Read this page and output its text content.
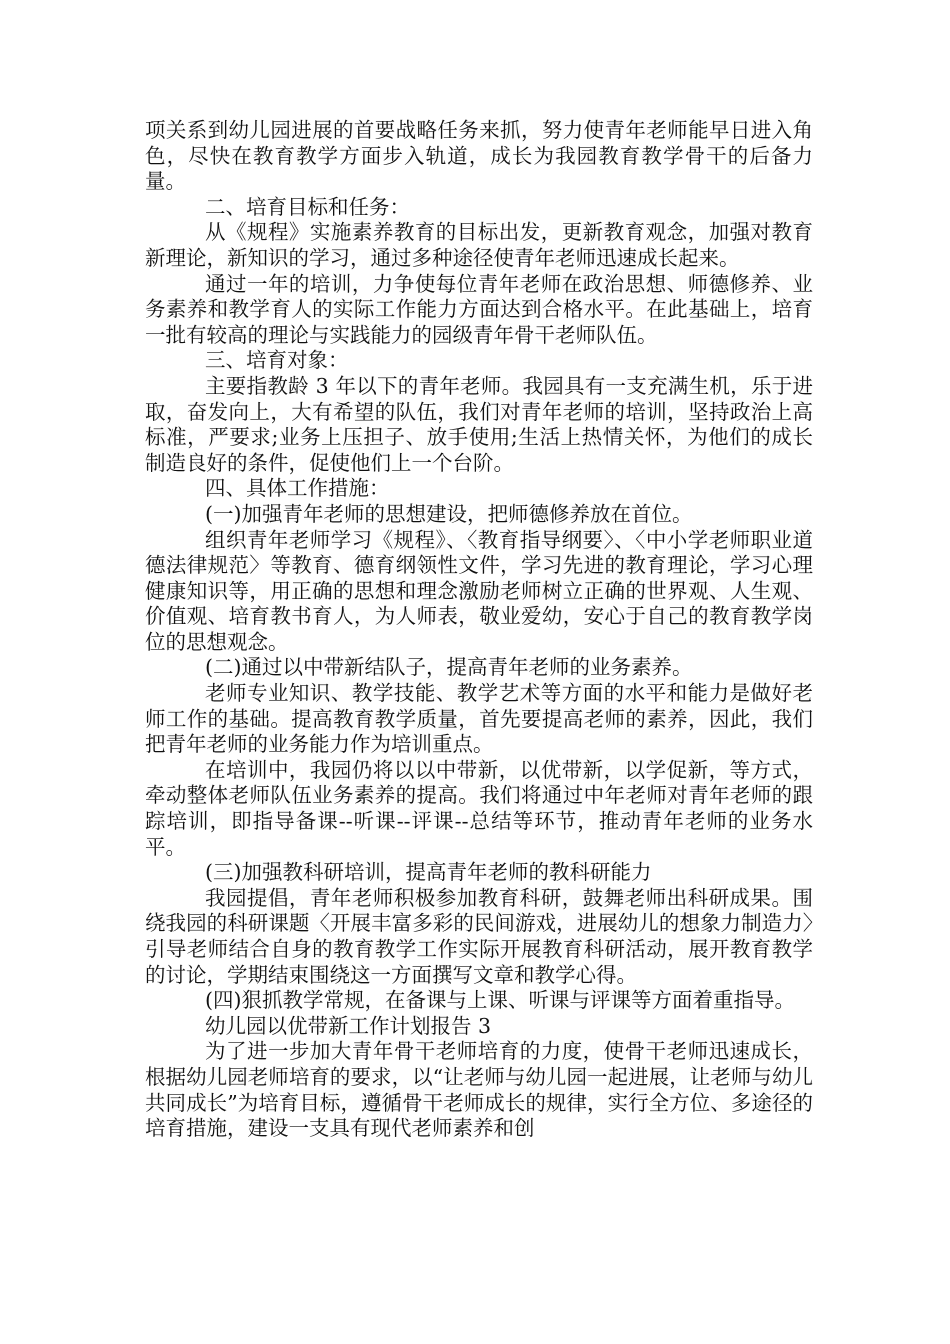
项关系到幼儿园进展的首要战略任务来抓，努力使青年老师能早日进入角色，尽快在教育教学方面步入轨道，成长为我园教育教学骨干的后备力量。

二、培育目标和任务：

从《规程》实施素养教育的目标出发，更新教育观念，加强对教育新理论，新知识的学习，通过多种途径使青年老师迅速成长起来。

通过一年的培训，力争使每位青年老师在政治思想、师德修养、业务素养和教学育人的实际工作能力方面达到合格水平。在此基础上，培育一批有较高的理论与实践能力的园级青年骨干老师队伍。

三、培育对象：

主要指教龄 3 年以下的青年老师。我园具有一支充满生机，乐于进取，奋发向上，大有希望的队伍，我们对青年老师的培训，坚持政治上高标准，严要求;业务上压担子、放手使用;生活上热情关怀，为他们的成长制造良好的条件，促使他们上一个台阶。

四、具体工作措施：

(一)加强青年老师的思想建设，把师德修养放在首位。

组织青年老师学习《规程》、〈教育指导纲要〉、〈中小学老师职业道德法律规范〉等教育、德育纲领性文件，学习先进的教育理论，学习心理健康知识等，用正确的思想和理念激励老师树立正确的世界观、人生观、价值观、培育教书育人，为人师表，敬业爱幼，安心于自己的教育教学岗位的思想观念。

(二)通过以中带新结队子，提高青年老师的业务素养。

老师专业知识、教学技能、教学艺术等方面的水平和能力是做好老师工作的基础。提高教育教学质量，首先要提高老师的素养，因此，我们把青年老师的业务能力作为培训重点。

在培训中，我园仍将以以中带新，以优带新，以学促新，等方式，牵动整体老师队伍业务素养的提高。我们将通过中年老师对青年老师的跟踪培训，即指导备课--听课--评课--总结等环节，推动青年老师的业务水平。

(三)加强教科研培训，提高青年老师的教科研能力

我园提倡，青年老师积极参加教育科研，鼓舞老师出科研成果。围绕我园的科研课题〈开展丰富多彩的民间游戏，进展幼儿的想象力制造力〉引导老师结合自身的教育教学工作实际开展教育科研活动，展开教育教学的讨论，学期结束围绕这一方面撰写文章和教学心得。

(四)狠抓教学常规，在备课与上课、听课与评课等方面着重指导。

幼儿园以优带新工作计划报告 3

为了进一步加大青年骨干老师培育的力度，使骨干老师迅速成长，根据幼儿园老师培育的要求，以“让老师与幼儿园一起进展，让老师与幼儿共同成长”为培育目标，遵循骨干老师成长的规律，实行全方位、多途径的培育措施，建设一支具有现代老师素养和创
